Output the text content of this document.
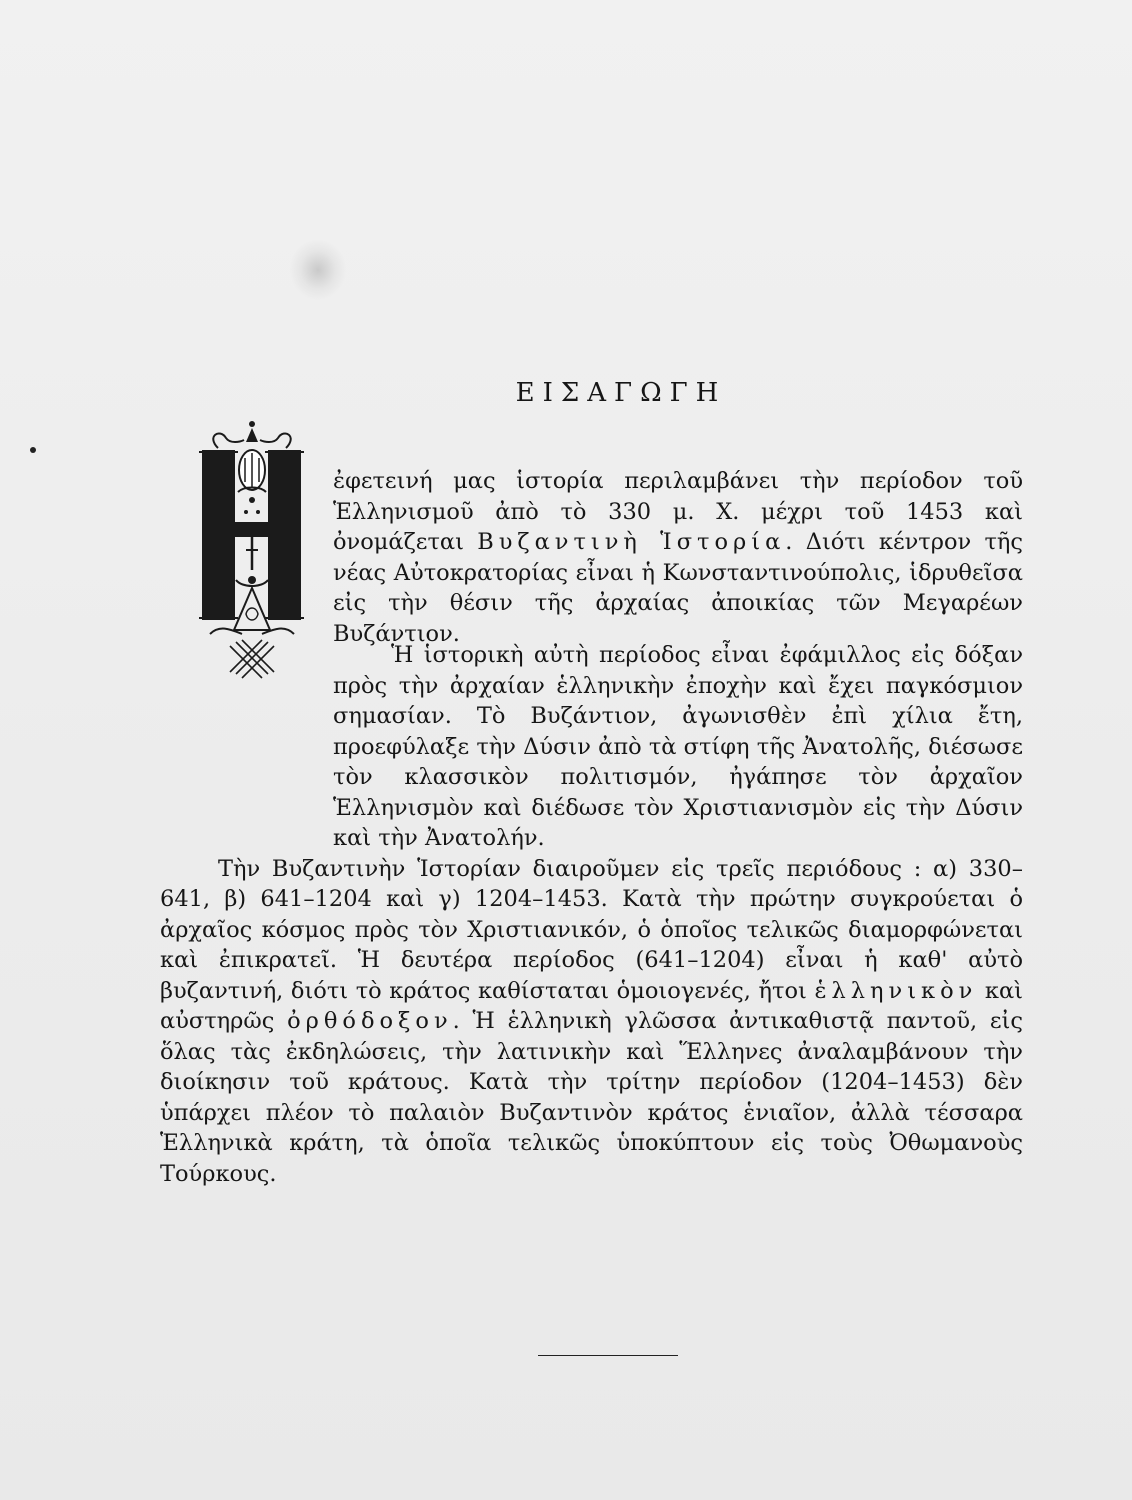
ΕΙΣΑΓΩΓΗ

ἐφετεινή μας ἱστορία περιλαμβάνει τὴν περίοδον τοῦ Ἑλληνισμοῦ ἀπὸ τὸ 330 μ. Χ. μέχρι τοῦ 1453 καὶ ὀνομάζεται Βυζαντινὴ Ἱστορία. Διότι κέντρον τῆς νέας Αὐτοκρατορίας εἶναι ἡ Κωνσταντινούπολις, ἱδρυθεῖσα εἰς τὴν θέσιν τῆς ἀρχαίας ἀποικίας τῶν Μεγαρέων Βυζάντιον.

Ἡ ἱστορικὴ αὐτὴ περίοδος εἶναι ἐφάμιλλος εἰς δόξαν πρὸς τὴν ἀρχαίαν ἑλληνικὴν ἐποχὴν καὶ ἔχει παγκόσμιον σημασίαν. Τὸ Βυζάντιον, ἀγωνισθὲν ἐπὶ χίλια ἔτη, προεφύλαξε τὴν Δύσιν ἀπὸ τὰ στίφη τῆς Ἀνατολῆς, διέσωσε τὸν κλασσικὸν πολιτισμόν, ἠγάπησε τὸν ἀρχαῖον Ἑλληνισμὸν καὶ διέδωσε τὸν Χριστιανισμὸν εἰς τὴν Δύσιν καὶ τὴν Ἀνατολήν.

Τὴν Βυζαντινὴν Ἱστορίαν διαιροῦμεν εἰς τρεῖς περιόδους : α) 330–641, β) 641–1204 καὶ γ) 1204–1453. Κατὰ τὴν πρώτην συγκρούεται ὁ ἀρχαῖος κόσμος πρὸς τὸν Χριστιανικόν, ὁ ὁποῖος τελικῶς διαμορφώνεται καὶ ἐπικρατεῖ. Ἡ δευτέρα περίοδος (641–1204) εἶναι ἡ καθ' αὐτὸ βυζαντινή, διότι τὸ κράτος καθίσταται ὁμοιογενές, ἤτοι ἑλληνικὸν καὶ αὐστηρῶς ὀρθόδοξον. Ἡ ἑλληνικὴ γλῶσσα ἀντικαθιστᾷ παντοῦ, εἰς ὅλας τὰς ἐκδηλώσεις, τὴν λατινικὴν καὶ Ἕλληνες ἀναλαμβάνουν τὴν διοίκησιν τοῦ κράτους. Κατὰ τὴν τρίτην περίοδον (1204–1453) δὲν ὑπάρχει πλέον τὸ παλαιὸν Βυζαντινὸν κράτος ἑνιαῖον, ἀλλὰ τέσσαρα Ἑλληνικὰ κράτη, τὰ ὁποῖα τελικῶς ὑποκύπτουν εἰς τοὺς Ὀθωμανοὺς Τούρκους.
